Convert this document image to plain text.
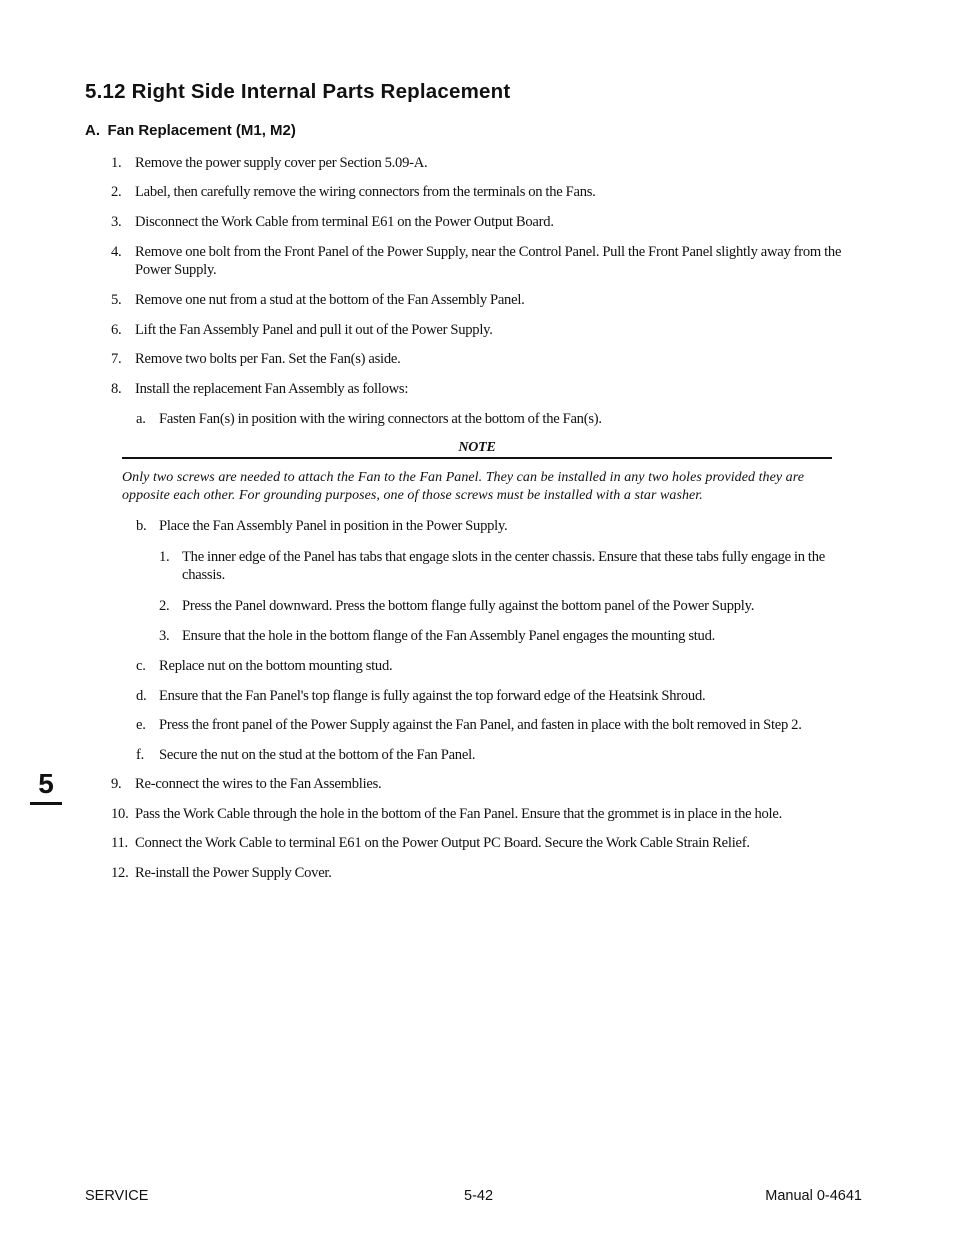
5.12 Right Side Internal Parts Replacement
A. Fan Replacement (M1, M2)
1. Remove the power supply cover per Section 5.09-A.
2. Label, then carefully remove the wiring connectors from the terminals on the Fans.
3. Disconnect the Work Cable from terminal E61 on the Power Output Board.
4. Remove one bolt from the Front Panel of the Power Supply, near the Control Panel. Pull the Front Panel slightly away from the Power Supply.
5. Remove one nut from a stud at the bottom of the Fan Assembly Panel.
6. Lift the Fan Assembly Panel and pull it out of the Power Supply.
7. Remove two bolts per Fan. Set the Fan(s) aside.
8. Install the replacement Fan Assembly as follows:
a. Fasten Fan(s) in position with the wiring connectors at the bottom of the Fan(s).
NOTE
Only two screws are needed to attach the Fan to the Fan Panel. They can be installed in any two holes provided they are opposite each other. For grounding purposes, one of those screws must be installed with a star washer.
b. Place the Fan Assembly Panel in position in the Power Supply.
1. The inner edge of the Panel has tabs that engage slots in the center chassis. Ensure that these tabs fully engage in the chassis.
2. Press the Panel downward. Press the bottom flange fully against the bottom panel of the Power Supply.
3. Ensure that the hole in the bottom flange of the Fan Assembly Panel engages the mounting stud.
c. Replace nut on the bottom mounting stud.
d. Ensure that the Fan Panel's top flange is fully against the top forward edge of the Heatsink Shroud.
e. Press the front panel of the Power Supply against the Fan Panel, and fasten in place with the bolt removed in Step 2.
f.	Secure the nut on the stud at the bottom of the Fan Panel.
9. Re-connect the wires to the Fan Assemblies.
10. Pass the Work Cable through the hole in the bottom of the Fan Panel. Ensure that the grommet is in place in the hole.
11. Connect the Work Cable to terminal E61 on the Power Output PC Board. Secure the Work Cable Strain Relief.
12. Re-install the Power Supply Cover.
5
SERVICE	5-42	Manual 0-4641
